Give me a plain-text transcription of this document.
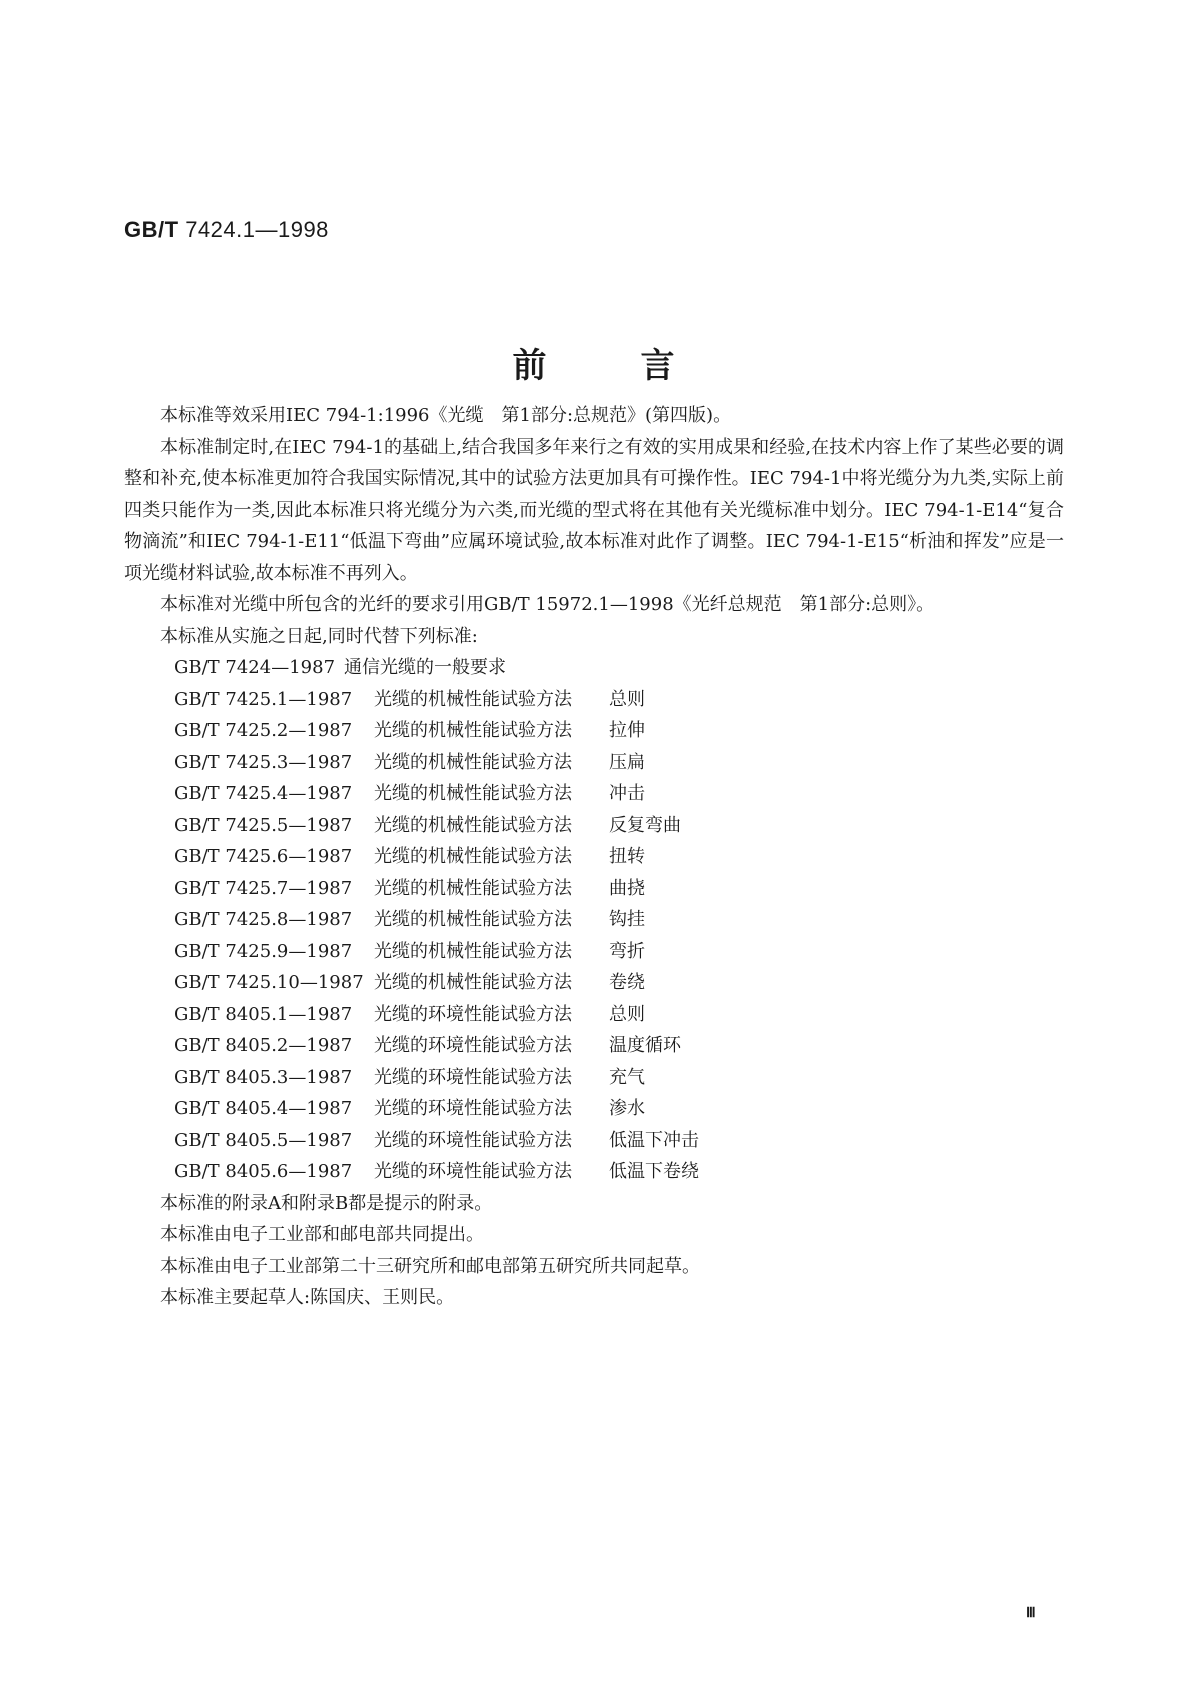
GB/T 7424.1—1998
前	言

本标准等效采用IEC 794-1:1996《光缆　第1部分:总规范》(第四版)。

本标准制定时,在IEC 794-1的基础上,结合我国多年来行之有效的实用成果和经验,在技术内容上作了某些必要的调整和补充,使本标准更加符合我国实际情况,其中的试验方法更加具有可操作性。IEC 794-1中将光缆分为九类,实际上前四类只能作为一类,因此本标准只将光缆分为六类,而光缆的型式将在其他有关光缆标准中划分。IEC 794-1-E14“复合物滴流”和IEC 794-1-E11“低温下弯曲”应属环境试验,故本标准对此作了调整。IEC 794-1-E15“析油和挥发”应是一项光缆材料试验,故本标准不再列入。

本标准对光缆中所包含的光纤的要求引用GB/T 15972.1—1998《光纤总规范　第1部分:总则》。

本标准从实施之日起,同时代替下列标准:

GB/T 7424—1987 通信光缆的一般要求
GB/T 7425.1—1987	光缆的机械性能试验方法	总则
GB/T 7425.2—1987	光缆的机械性能试验方法	拉伸
GB/T 7425.3—1987	光缆的机械性能试验方法	压扁
GB/T 7425.4—1987	光缆的机械性能试验方法	冲击
GB/T 7425.5—1987	光缆的机械性能试验方法	反复弯曲
GB/T 7425.6—1987	光缆的机械性能试验方法	扭转
GB/T 7425.7—1987	光缆的机械性能试验方法	曲挠
GB/T 7425.8—1987	光缆的机械性能试验方法	钩挂
GB/T 7425.9—1987	光缆的机械性能试验方法	弯折
GB/T 7425.10—1987 光缆的机械性能试验方法	卷绕
GB/T 8405.1—1987	光缆的环境性能试验方法	总则
GB/T 8405.2—1987	光缆的环境性能试验方法	温度循环
GB/T 8405.3—1987	光缆的环境性能试验方法	充气
GB/T 8405.4—1987	光缆的环境性能试验方法	渗水
GB/T 8405.5—1987	光缆的环境性能试验方法	低温下冲击
GB/T 8405.6—1987	光缆的环境性能试验方法	低温下卷绕

本标准的附录A和附录B都是提示的附录。

本标准由电子工业部和邮电部共同提出。

本标准由电子工业部第二十三研究所和邮电部第五研究所共同起草。

本标准主要起草人:陈国庆、王则民。

Ⅲ
